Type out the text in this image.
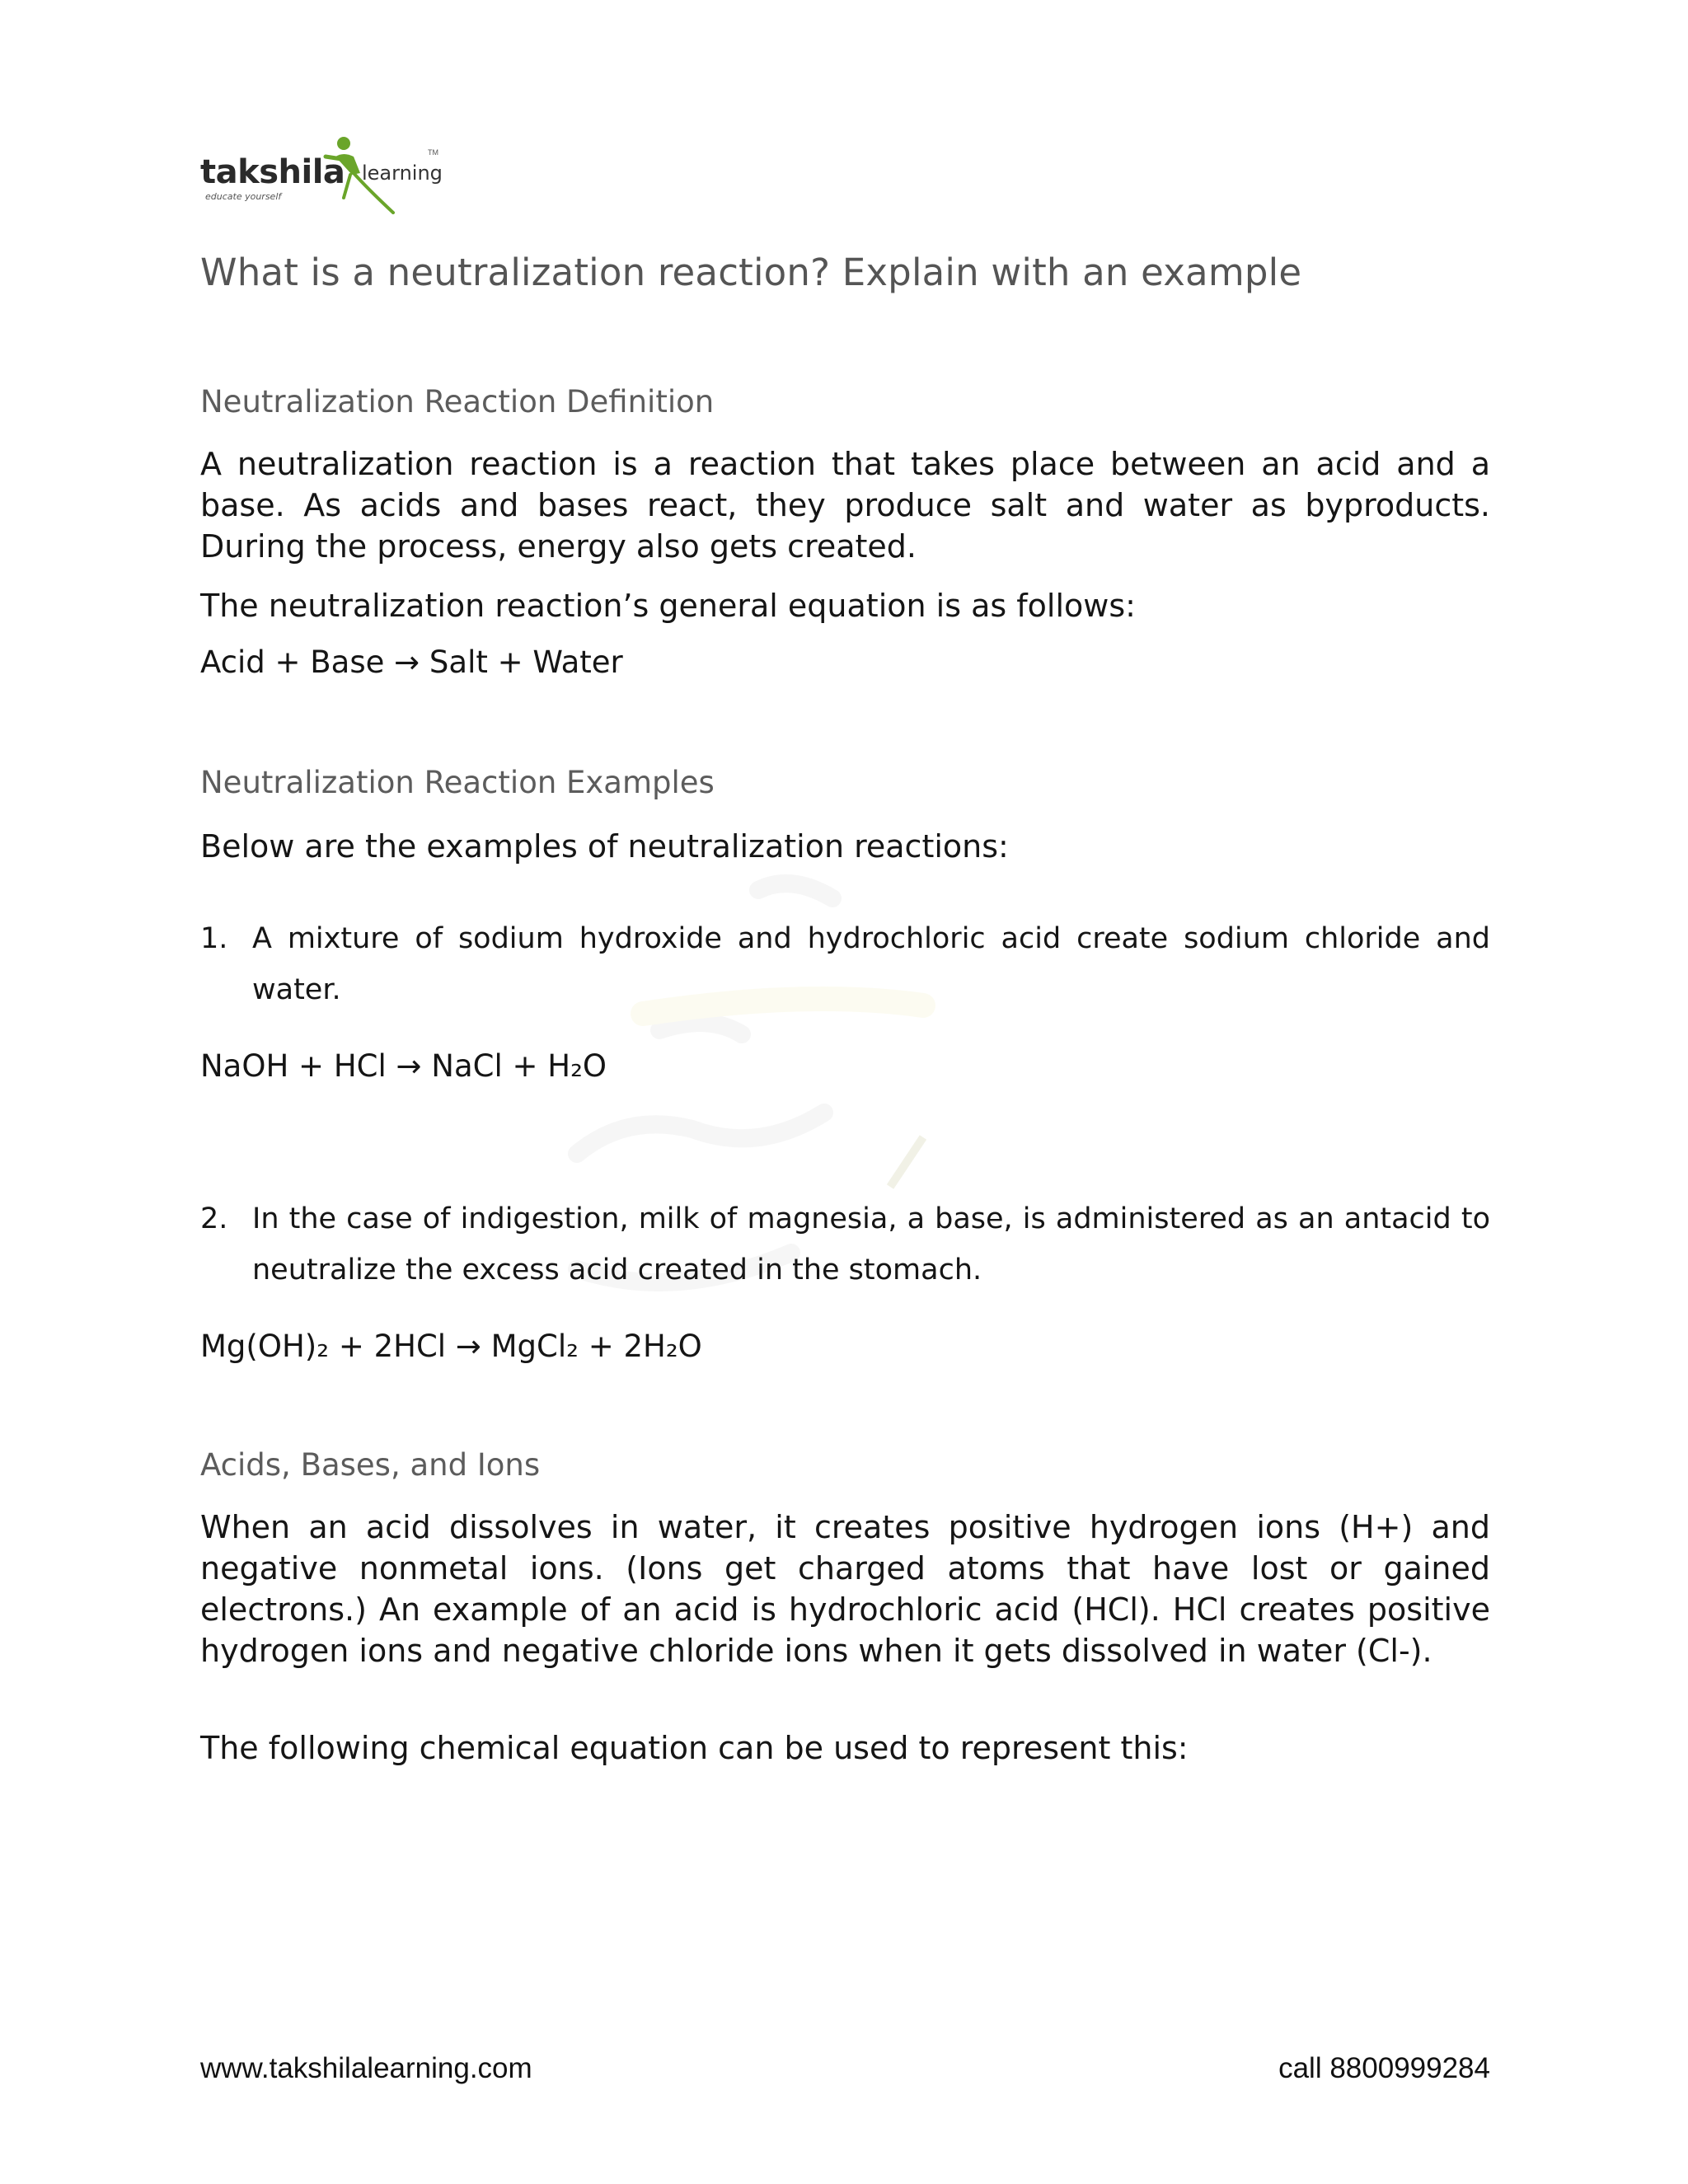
takshila learning
educate yourself
TM
What is a neutralization reaction? Explain with an example
Neutralization Reaction Definition
A neutralization reaction is a reaction that takes place between an acid and a base. As acids and bases react, they produce salt and water as byproducts. During the process, energy also gets created.
The neutralization reaction’s general equation is as follows:
Acid + Base → Salt + Water
Neutralization Reaction Examples
Below are the examples of neutralization reactions:
1. A mixture of sodium hydroxide and hydrochloric acid create sodium chloride and water.
NaOH + HCl → NaCl + H₂O
2. In the case of indigestion, milk of magnesia, a base, is administered as an antacid to neutralize the excess acid created in the stomach.
Mg(OH)₂ + 2HCl → MgCl₂ + 2H₂O
Acids, Bases, and Ions
When an acid dissolves in water, it creates positive hydrogen ions (H+) and negative nonmetal ions. (Ions get charged atoms that have lost or gained electrons.) An example of an acid is hydrochloric acid (HCl). HCl creates positive hydrogen ions and negative chloride ions when it gets dissolved in water (Cl-).
The following chemical equation can be used to represent this:
www.takshilalearning.com	call 8800999284
